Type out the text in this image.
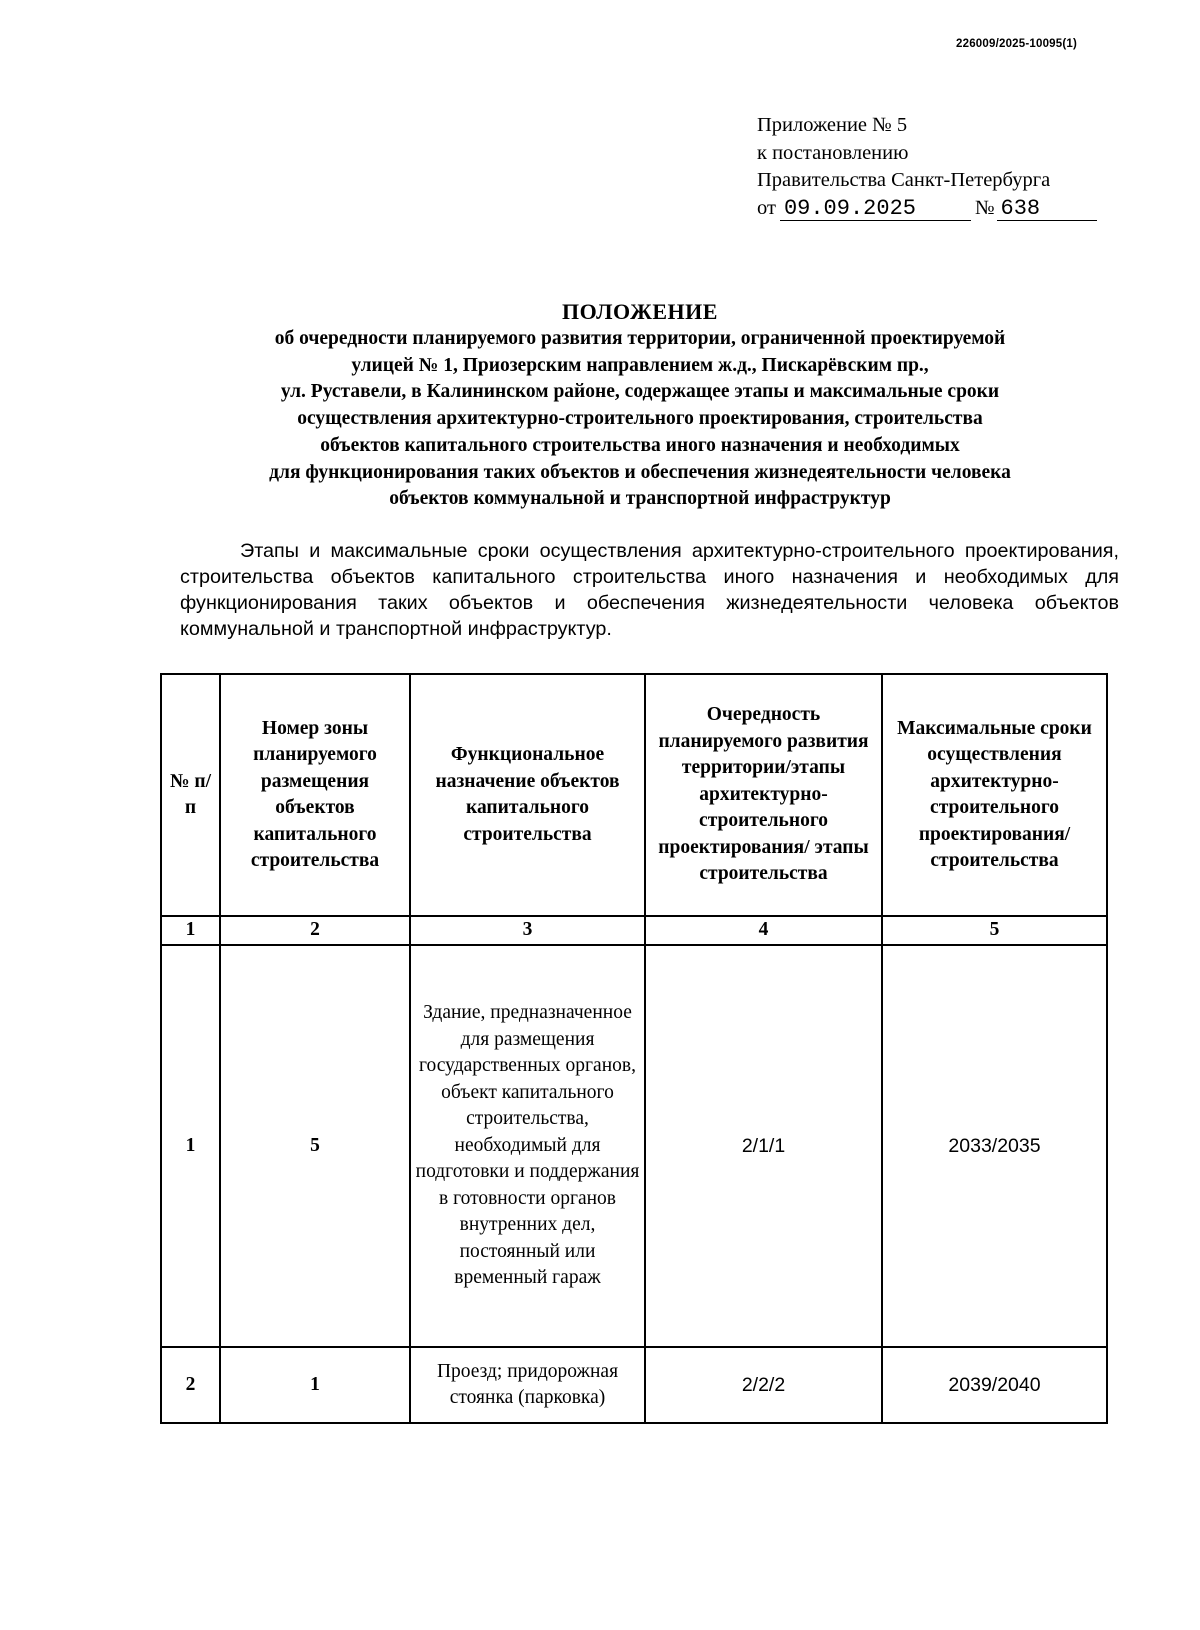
226009/2025-10095(1)
Приложение № 5
к постановлению
Правительства Санкт-Петербурга
от 09.09.2025	№ 638
ПОЛОЖЕНИЕ
об очередности планируемого развития территории, ограниченной проектируемой
улицей № 1, Приозерским направлением ж.д., Пискарёвским пр.,
ул. Руставели, в Калининском районе, содержащее этапы и максимальные сроки
осуществления архитектурно-строительного проектирования, строительства
объектов капитального строительства иного назначения и необходимых
для функционирования таких объектов и обеспечения жизнедеятельности человека
объектов коммунальной и транспортной инфраструктур
Этапы и максимальные сроки осуществления архитектурно-строительного проектирования, строительства объектов капитального строительства иного назначения и необходимых для функционирования таких объектов и обеспечения жизнедеятельности человека объектов коммунальной и транспортной инфраструктур.
№ п/п	Номер зоны планируемого размещения объектов капитального строительства	Функциональное назначение объектов капитального строительства	Очередность планируемого развития территории/этапы архитектурно-строительного проектирования/ этапы строительства	Максимальные сроки осуществления архитектурно-строительного проектирования/ строительства
1	2	3	4	5
1	5	Здание, предназначенное для размещения государственных органов, объект капитального строительства, необходимый для подготовки и поддержания в готовности органов внутренних дел, постоянный или временный гараж	2/1/1	2033/2035
2	1	Проезд; придорожная стоянка (парковка)	2/2/2	2039/2040
